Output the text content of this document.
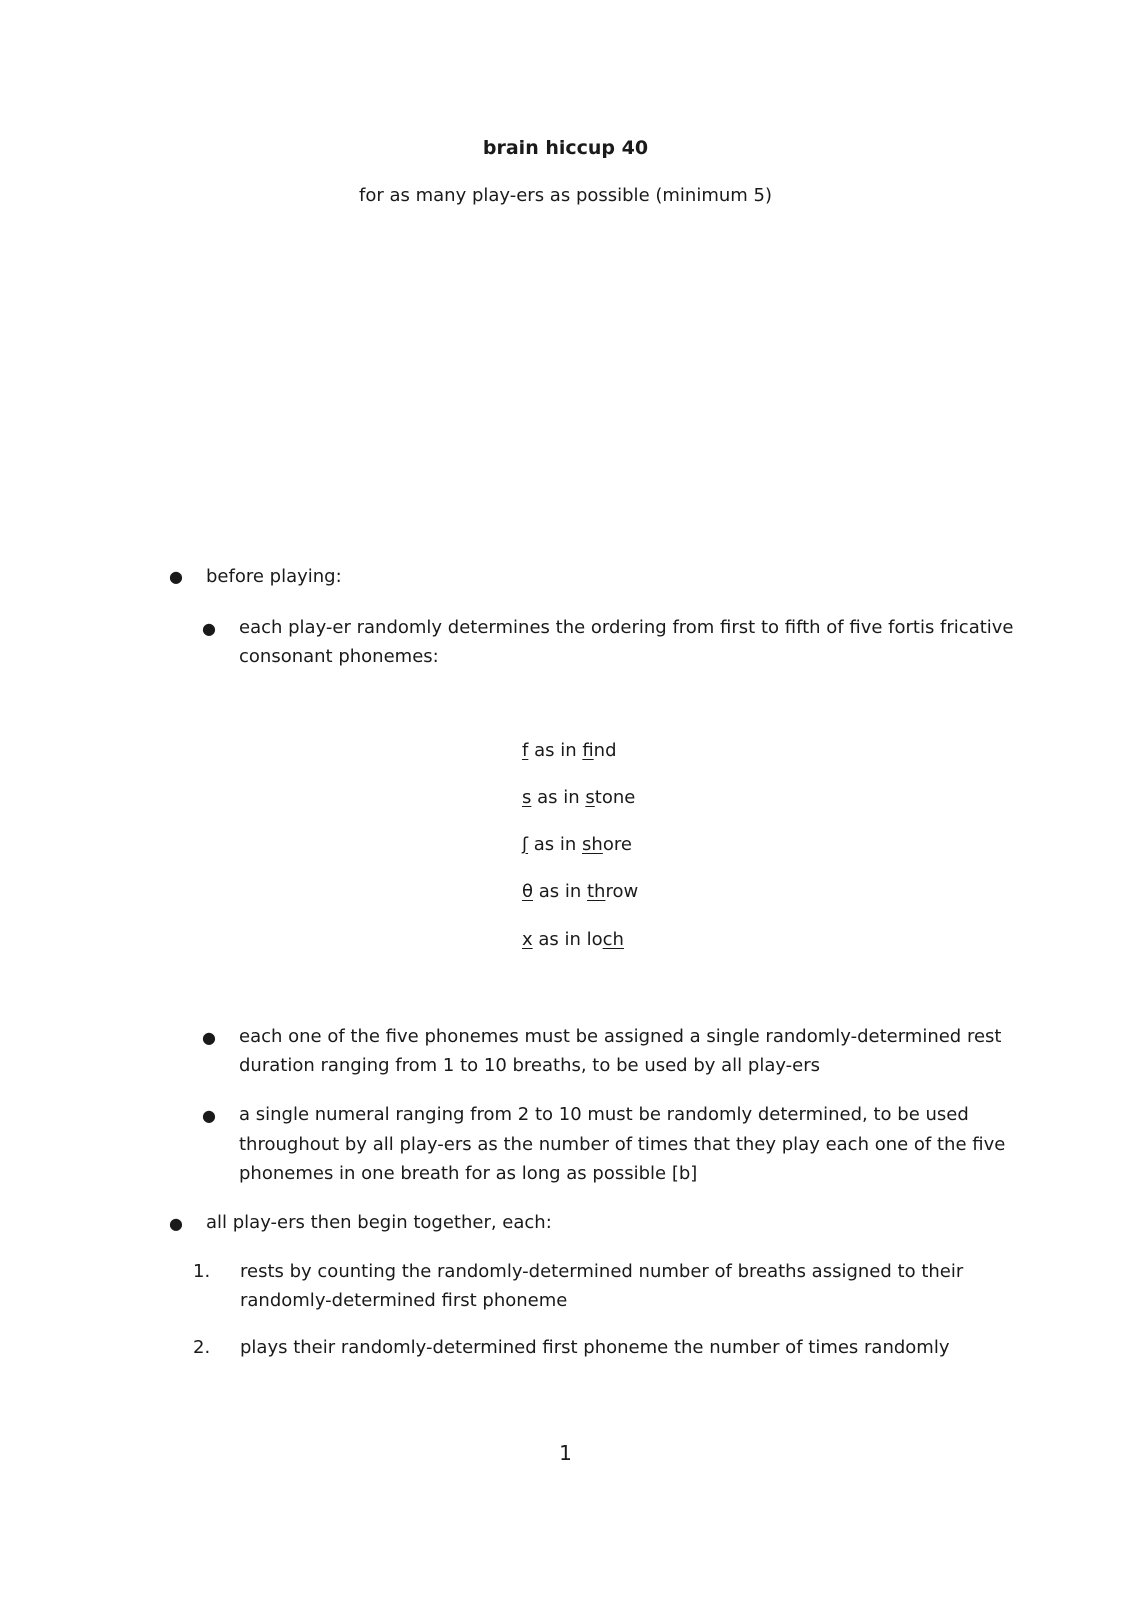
brain hiccup 40
for as many play-ers as possible (minimum 5)
● before playing:
● each play-er randomly determines the ordering from first to fifth of five fortis fricative
consonant phonemes:
f as in find
s as in stone
ʃ as in shore
θ as in throw
x as in loch
● each one of the five phonemes must be assigned a single randomly-determined rest
duration ranging from 1 to 10 breaths, to be used by all play-ers
● a single numeral ranging from 2 to 10 must be randomly determined, to be used
throughout by all play-ers as the number of times that they play each one of the five
phonemes in one breath for as long as possible [b]
● all play-ers then begin together, each:
1. rests by counting the randomly-determined number of breaths assigned to their
randomly-determined first phoneme
2. plays their randomly-determined first phoneme the number of times randomly
1
